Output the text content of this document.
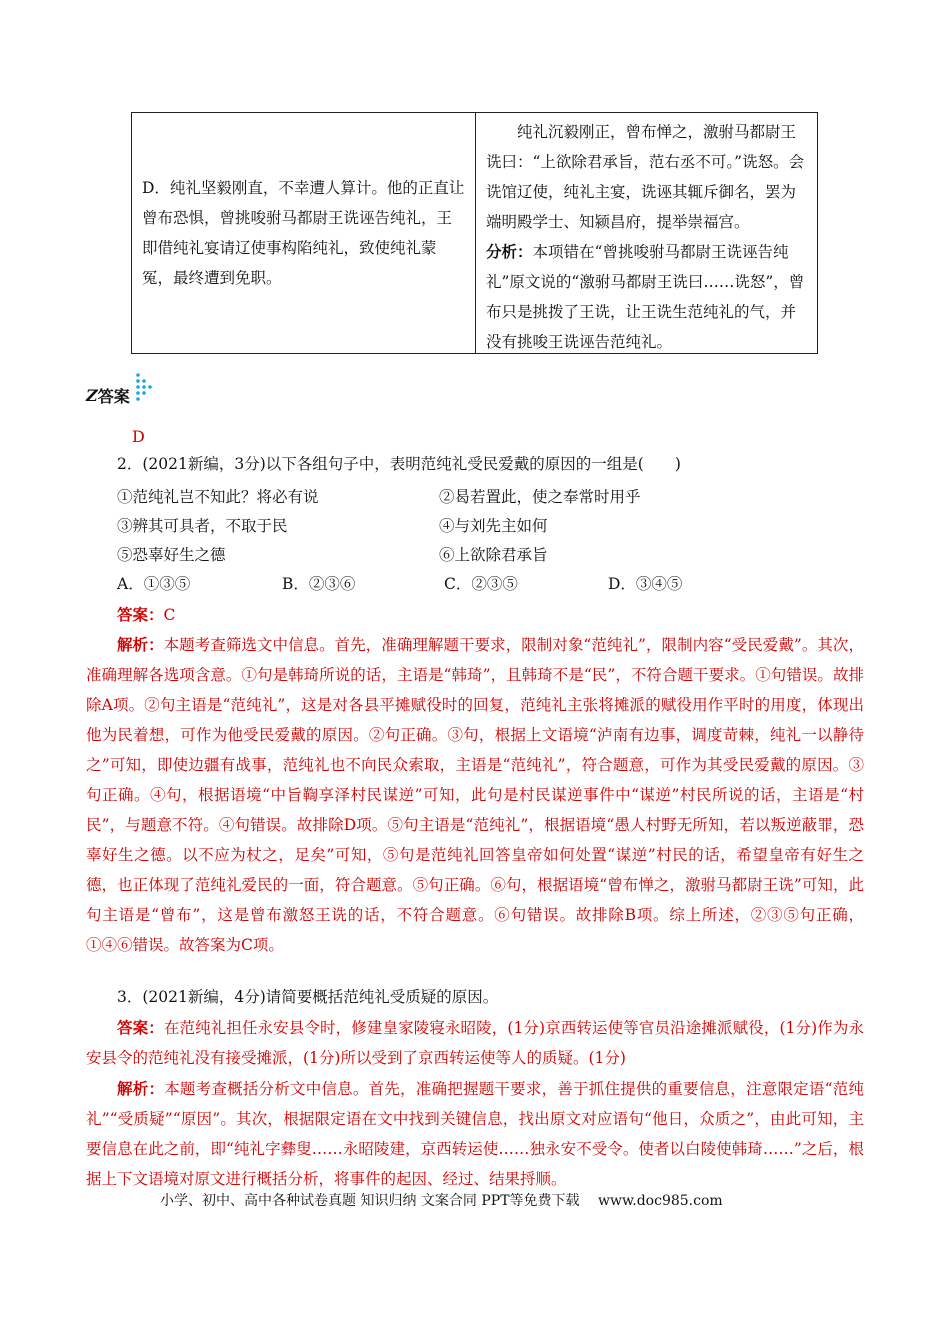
D．纯礼坚毅刚直，不幸遭人算计。他的正直让曾布恐惧，曾挑唆驸马都尉王诜诬告纯礼，王即借纯礼宴请辽使事构陷纯礼，致使纯礼蒙冤，最终遭到免职。
纯礼沉毅刚正，曾布惮之，激驸马都尉王诜曰：“上欲除君承旨，范右丞不可。”诜怒。会诜馆辽使，纯礼主宴，诜诬其辄斥御名，罢为端明殿学士、知颍昌府，提举崇福宫。
分析：本项错在“曾挑唆驸马都尉王诜诬告纯礼”原文说的“激驸马都尉王诜曰……诜怒”，曾布只是挑拨了王诜，让王诜生范纯礼的气，并没有挑唆王诜诬告范纯礼。
Z 答案
D
2．(2021新编，3分)以下各组句子中，表明范纯礼受民爱戴的原因的一组是(　　)
①范纯礼岂不知此？将必有说	②曷若置此，使之奉常时用乎
③辨其可具者，不取于民	④与刘先主如何
⑤恐辜好生之德	⑥上欲除君承旨
A．①③⑤	B．②③⑥	C．②③⑤	D．③④⑤
答案：C
解析：本题考查筛选文中信息。首先，准确理解题干要求，限制对象“范纯礼”，限制内容“受民爱戴”。其次，准确理解各选项含意。①句是韩琦所说的话，主语是“韩琦”，且韩琦不是“民”，不符合题干要求。①句错误。故排除A项。②句主语是“范纯礼”，这是对各县平摊赋役时的回复，范纯礼主张将摊派的赋役用作平时的用度，体现出他为民着想，可作为他受民爱戴的原因。②句正确。③句，根据上文语境“泸南有边事，调度苛棘，纯礼一以静待之”可知，即使边疆有战事，范纯礼也不向民众索取，主语是“范纯礼”，符合题意，可作为其受民爱戴的原因。③句正确。④句，根据语境“中旨鞫享泽村民谋逆”可知，此句是村民谋逆事件中“谋逆”村民所说的话，主语是“村民”，与题意不符。④句错误。故排除D项。⑤句主语是“范纯礼”，根据语境“愚人村野无所知，若以叛逆蔽罪，恐辜好生之德。以不应为杖之，足矣”可知，⑤句是范纯礼回答皇帝如何处置“谋逆”村民的话，希望皇帝有好生之德，也正体现了范纯礼爱民的一面，符合题意。⑤句正确。⑥句，根据语境“曾布惮之，激驸马都尉王诜”可知，此句主语是“曾布”，这是曾布激怒王诜的话，不符合题意。⑥句错误。故排除B项。综上所述，②③⑤句正确，①④⑥错误。故答案为C项。
3．(2021新编，4分)请简要概括范纯礼受质疑的原因。
答案：在范纯礼担任永安县令时，修建皇家陵寝永昭陵，(1分)京西转运使等官员沿途摊派赋役，(1分)作为永安县令的范纯礼没有接受摊派，(1分)所以受到了京西转运使等人的质疑。(1分)
解析：本题考查概括分析文中信息。首先，准确把握题干要求，善于抓住提供的重要信息，注意限定语“范纯礼”“受质疑”“原因”。其次，根据限定语在文中找到关键信息，找出原文对应语句“他日，众质之”，由此可知，主要信息在此之前，即“纯礼字彝叟……永昭陵建，京西转运使……独永安不受令。使者以白陵使韩琦……”之后，根据上下文语境对原文进行概括分析，将事件的起因、经过、结果捋顺。
小学、初中、高中各种试卷真题 知识归纳 文案合同 PPT等免费下载　 www.doc985.com
